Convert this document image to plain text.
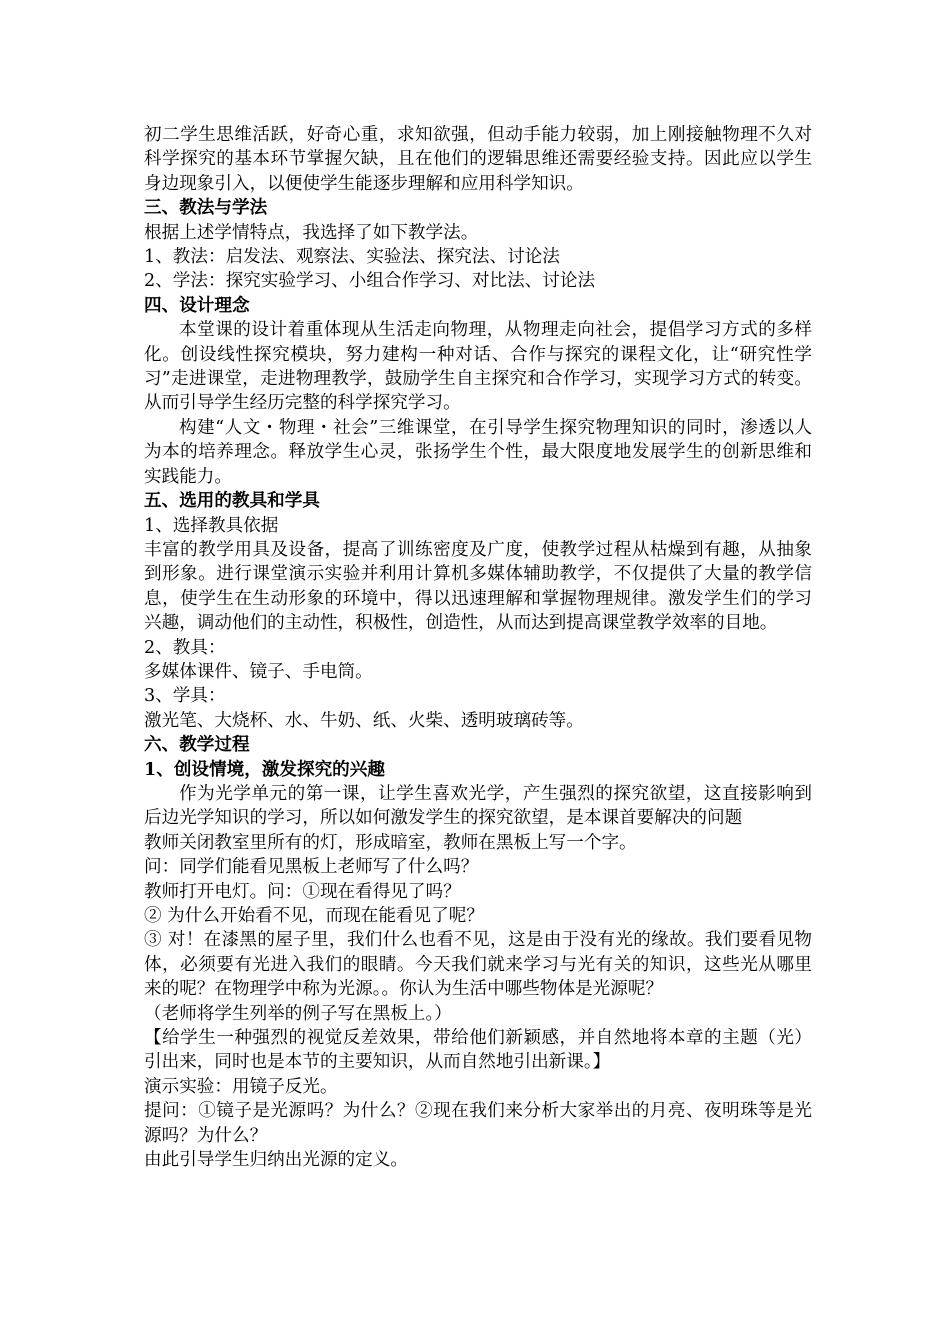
初二学生思维活跃，好奇心重，求知欲强，但动手能力较弱，加上刚接触物理不久对科学探究的基本环节掌握欠缺，且在他们的逻辑思维还需要经验支持。因此应以学生身边现象引入，以便使学生能逐步理解和应用科学知识。

三、教法与学法

根据上述学情特点，我选择了如下教学法。

1、教法：启发法、观察法、实验法、探究法、讨论法

2、学法：探究实验学习、小组合作学习、对比法、讨论法

四、设计理念

本堂课的设计着重体现从生活走向物理，从物理走向社会，提倡学习方式的多样化。创设线性探究模块，努力建构一种对话、合作与探究的课程文化，让“研究性学习”走进课堂，走进物理教学，鼓励学生自主探究和合作学习，实现学习方式的转变。从而引导学生经历完整的科学探究学习。

构建“人文・物理・社会”三维课堂，在引导学生探究物理知识的同时，渗透以人为本的培养理念。释放学生心灵，张扬学生个性，最大限度地发展学生的创新思维和实践能力。

五、选用的教具和学具

1、选择教具依据

丰富的教学用具及设备，提高了训练密度及广度，使教学过程从枯燥到有趣，从抽象到形象。进行课堂演示实验并利用计算机多媒体辅助教学，不仅提供了大量的教学信息，使学生在生动形象的环境中，得以迅速理解和掌握物理规律。激发学生们的学习兴趣，调动他们的主动性，积极性，创造性，从而达到提高课堂教学效率的目地。

2、教具：

多媒体课件、镜子、手电筒。

3、学具：

激光笔、大烧杯、水、牛奶、纸、火柴、透明玻璃砖等。

六、教学过程

1、创设情境，激发探究的兴趣

作为光学单元的第一课，让学生喜欢光学，产生强烈的探究欲望，这直接影响到后边光学知识的学习，所以如何激发学生的探究欲望，是本课首要解决的问题

教师关闭教室里所有的灯，形成暗室，教师在黑板上写一个字。

问：同学们能看见黑板上老师写了什么吗？

教师打开电灯。问：①现在看得见了吗？

② 为什么开始看不见，而现在能看见了呢？

③ 对！在漆黑的屋子里，我们什么也看不见，这是由于没有光的缘故。我们要看见物体，必须要有光进入我们的眼睛。今天我们就来学习与光有关的知识，这些光从哪里来的呢？在物理学中称为光源。。你认为生活中哪些物体是光源呢？

（老师将学生列举的例子写在黑板上。）

【给学生一种强烈的视觉反差效果，带给他们新颖感，并自然地将本章的主题（光）引出来，同时也是本节的主要知识，从而自然地引出新课。】

演示实验：用镜子反光。

提问：①镜子是光源吗？为什么？②现在我们来分析大家举出的月亮、夜明珠等是光源吗？为什么？

由此引导学生归纳出光源的定义。
